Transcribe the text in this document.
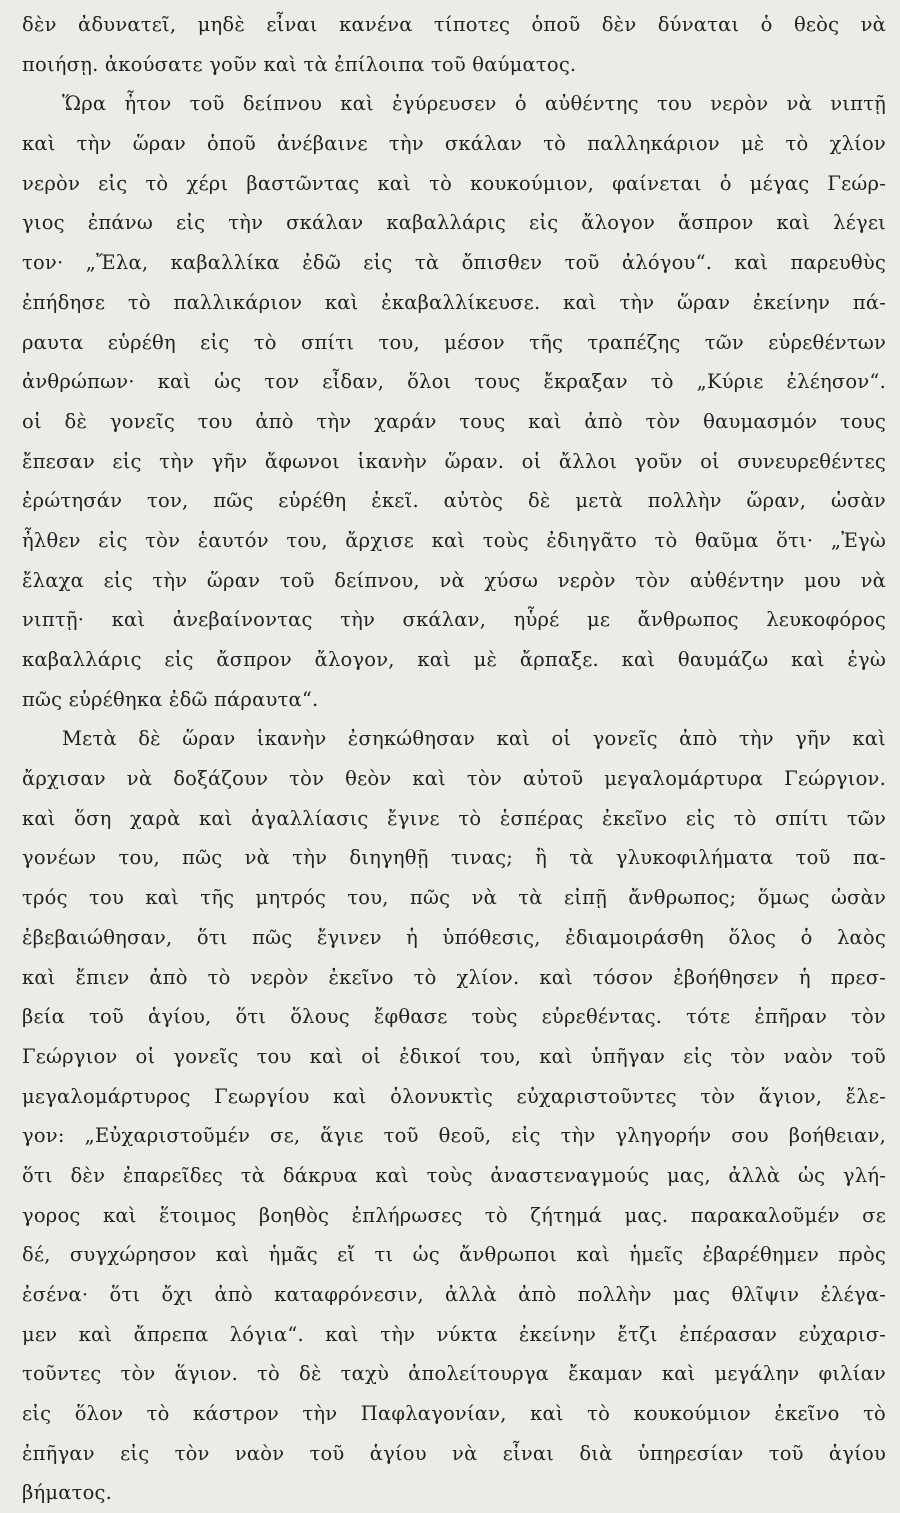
δὲν ἀδυνατεῖ, μηδὲ εἶναι κανένα τίποτες ὁποῦ δὲν δύναται ὁ θεὸς νὰ
ποιήσῃ. ἀκούσατε γοῦν καὶ τὰ ἐπίλοιπα τοῦ θαύματος.
Ὥρα ἦτον τοῦ δείπνου καὶ ἐγύρευσεν ὁ αὐθέντης του νερὸν νὰ νιπτῇ
καὶ τὴν ὥραν ὁποῦ ἀνέβαινε τὴν σκάλαν τὸ παλληκάριον μὲ τὸ χλίον
νερὸν εἰς τὸ χέρι βαστῶντας καὶ τὸ κουκούμιον, φαίνεται ὁ μέγας Γεώρ-
γιος ἐπάνω εἰς τὴν σκάλαν καβαλλάρις εἰς ἄλογον ἄσπρον καὶ λέγει
τον· „Ἔλα, καβαλλίκα ἐδῶ εἰς τὰ ὄπισθεν τοῦ ἀλόγου“. καὶ παρευθὺς
ἐπήδησε τὸ παλλικάριον καὶ ἐκαβαλλίκευσε. καὶ τὴν ὥραν ἐκείνην πά-
ραυτα εὑρέθη εἰς τὸ σπίτι του, μέσον τῆς τραπέζης τῶν εὑρεθέντων
ἀνθρώπων· καὶ ὡς τον εἶδαν, ὅλοι τους ἔκραξαν τὸ „Κύριε ἐλέησον“.
οἱ δὲ γονεῖς του ἀπὸ τὴν χαράν τους καὶ ἀπὸ τὸν θαυμασμόν τους
ἔπεσαν εἰς τὴν γῆν ἄφωνοι ἱκανὴν ὥραν. οἱ ἄλλοι γοῦν οἱ συνευρεθέντες
ἐρώτησάν τον, πῶς εὑρέθη ἐκεῖ. αὐτὸς δὲ μετὰ πολλὴν ὥραν, ὡσὰν
ἦλθεν εἰς τὸν ἑαυτόν του, ἄρχισε καὶ τοὺς ἐδιηγᾶτο τὸ θαῦμα ὅτι· „Ἐγὼ
ἔλαχα εἰς τὴν ὥραν τοῦ δείπνου, νὰ χύσω νερὸν τὸν αὐθέντην μου νὰ
νιπτῇ· καὶ ἀνεβαίνοντας τὴν σκάλαν, ηὗρέ με ἄνθρωπος λευκοφόρος
καβαλλάρις εἰς ἄσπρον ἄλογον, καὶ μὲ ἄρπαξε. καὶ θαυμάζω καὶ ἐγὼ
πῶς εὑρέθηκα ἐδῶ πάραυτα“.
Μετὰ δὲ ὥραν ἱκανὴν ἐσηκώθησαν καὶ οἱ γονεῖς ἀπὸ τὴν γῆν καὶ
ἄρχισαν νὰ δοξάζουν τὸν θεὸν καὶ τὸν αὐτοῦ μεγαλομάρτυρα Γεώργιον.
καὶ ὅση χαρὰ καὶ ἀγαλλίασις ἔγινε τὸ ἑσπέρας ἐκεῖνο εἰς τὸ σπίτι τῶν
γονέων του, πῶς νὰ τὴν διηγηθῇ τινας; ἢ τὰ γλυκοφιλήματα τοῦ πα-
τρός του καὶ τῆς μητρός του, πῶς νὰ τὰ εἰπῇ ἄνθρωπος; ὅμως ὡσὰν
ἐβεβαιώθησαν, ὅτι πῶς ἔγινεν ἡ ὑπόθεσις, ἐδιαμοιράσθη ὅλος ὁ λαὸς
καὶ ἔπιεν ἀπὸ τὸ νερὸν ἐκεῖνο τὸ χλίον. καὶ τόσον ἐβοήθησεν ἡ πρεσ-
βεία τοῦ ἁγίου, ὅτι ὅλους ἔφθασε τοὺς εὑρεθέντας. τότε ἐπῆραν τὸν
Γεώργιον οἱ γονεῖς του καὶ οἱ ἐδικοί του, καὶ ὑπῆγαν εἰς τὸν ναὸν τοῦ
μεγαλομάρτυρος Γεωργίου καὶ ὁλονυκτὶς εὐχαριστοῦντες τὸν ἅγιον, ἔλε-
γον: „Εὐχαριστοῦμέν σε, ἅγιε τοῦ θεοῦ, εἰς τὴν γληγορήν σου βοήθειαν,
ὅτι δὲν ἐπαρεῖδες τὰ δάκρυα καὶ τοὺς ἀναστεναγμούς μας, ἀλλὰ ὡς γλή-
γορος καὶ ἕτοιμος βοηθὸς ἐπλήρωσες τὸ ζήτημά μας. παρακαλοῦμέν σε
δέ, συγχώρησον καὶ ἡμᾶς εἴ τι ὡς ἄνθρωποι καὶ ἡμεῖς ἐβαρέθημεν πρὸς
ἐσένα· ὅτι ὄχι ἀπὸ καταφρόνεσιν, ἀλλὰ ἀπὸ πολλὴν μας θλῖψιν ἐλέγα-
μεν καὶ ἄπρεπα λόγια“. καὶ τὴν νύκτα ἐκείνην ἔτζι ἐπέρασαν εὐχαρισ-
τοῦντες τὸν ἅγιον. τὸ δὲ ταχὺ ἀπολείτουργα ἔκαμαν καὶ μεγάλην φιλίαν
εἰς ὅλον τὸ κάστρον τὴν Παφλαγονίαν, καὶ τὸ κουκούμιον ἐκεῖνο τὸ
ἐπῆγαν εἰς τὸν ναὸν τοῦ ἁγίου νὰ εἶναι διὰ ὑπηρεσίαν τοῦ ἁγίου
βήματος.
